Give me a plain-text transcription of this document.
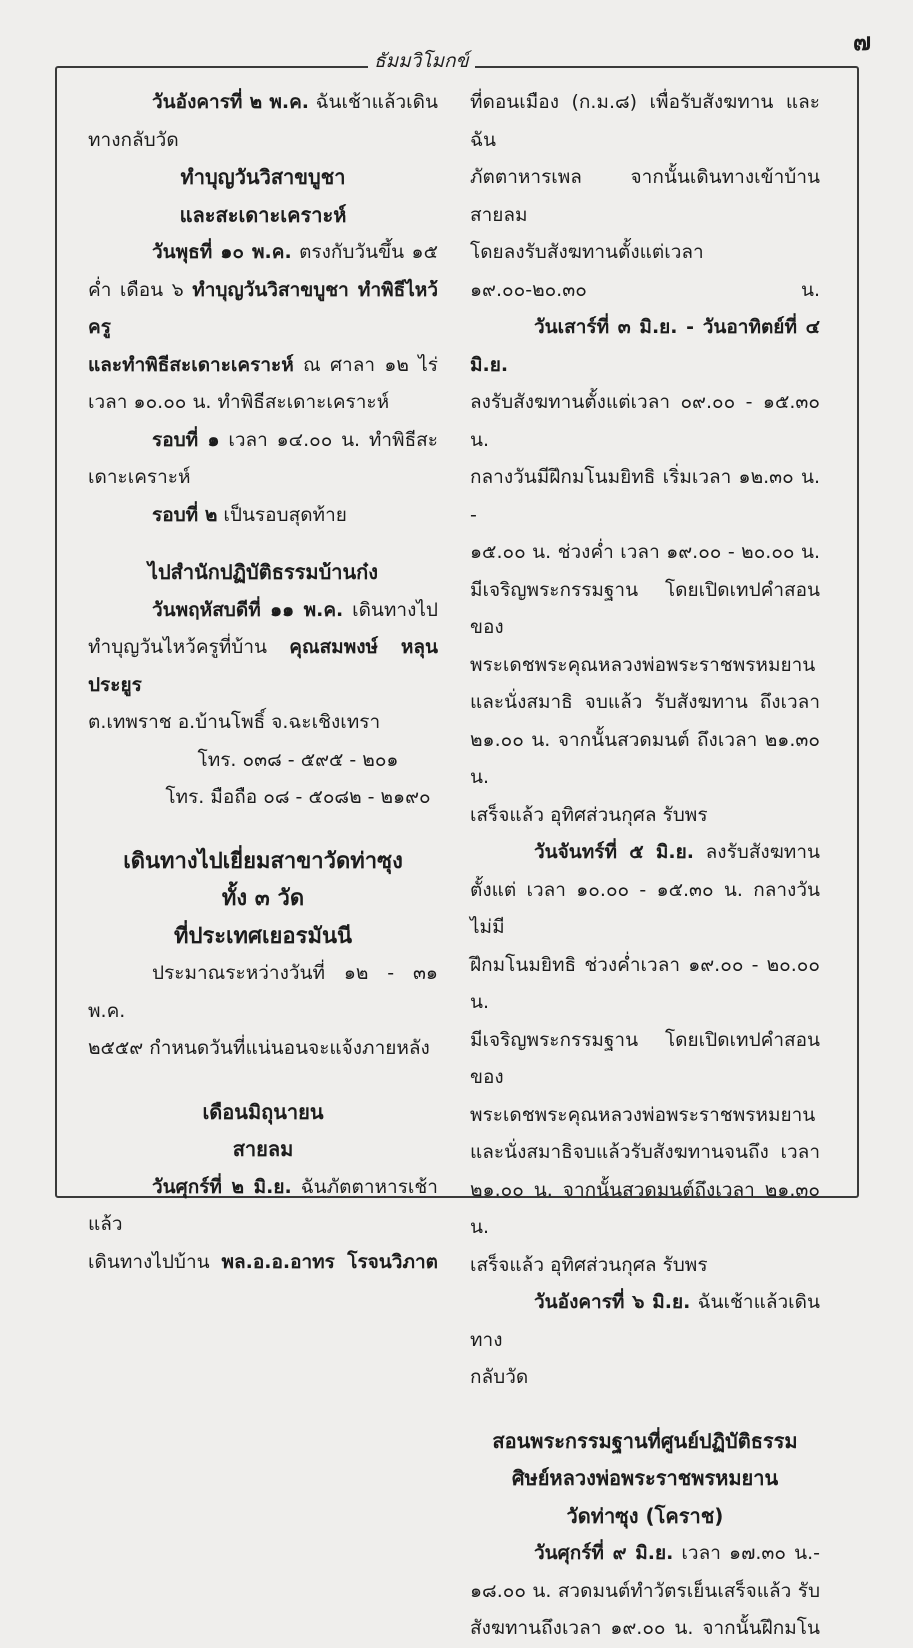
๗
ธัมมวิโมกข์

วันอังคารที่ ๒ พ.ค. ฉันเช้าแล้วเดิน

ทางกลับวัด

ทำบุญวันวิสาขบูชา

และสะเดาะเคราะห์

วันพุธที่ ๑๐ พ.ค. ตรงกับวันขึ้น ๑๕

ค่ำ เดือน ๖ ทำบุญวันวิสาขบูชา ทำพิธีไหว้ครู

และทำพิธีสะเดาะเคราะห์ ณ ศาลา ๑๒ ไร่

เวลา ๑๐.๐๐ น. ทำพิธีสะเดาะเคราะห์

รอบที่ ๑ เวลา ๑๔.๐๐ น. ทำพิธีสะ

เดาะเคราะห์

รอบที่ ๒ เป็นรอบสุดท้าย

ไปสำนักปฏิบัติธรรมบ้านก๋ง

วันพฤหัสบดีที่ ๑๑ พ.ค. เดินทางไป

ทำบุญวันไหว้ครูที่บ้าน คุณสมพงษ์ หลุนประยูร

ต.เทพราช อ.บ้านโพธิ์ จ.ฉะเชิงเทรา

โทร. ๐๓๘ - ๕๙๕ - ๒๐๑

โทร. มือถือ ๐๘ - ๕๐๘๒ - ๒๑๙๐

เดินทางไปเยี่ยมสาขาวัดท่าซุง

ทั้ง ๓ วัด

ที่ประเทศเยอรมันนี

ประมาณระหว่างวันที่ ๑๒ - ๓๑ พ.ค.

๒๕๕๙ กำหนดวันที่แน่นอนจะแจ้งภายหลัง

เดือนมิถุนายน

สายลม

วันศุกร์ที่ ๒ มิ.ย. ฉันภัตตาหารเช้าแล้ว

เดินทางไปบ้าน พล.อ.อ.อาทร โรจนวิภาต

ที่ดอนเมือง (ก.ม.๘) เพื่อรับสังฆทาน และฉัน

ภัตตาหารเพล จากนั้นเดินทางเข้าบ้านสายลม

โดยลงรับสังฆทานตั้งแต่เวลา ๑๙.๐๐-๒๐.๓๐ น.

วันเสาร์ที่ ๓ มิ.ย. - วันอาทิตย์ที่ ๔ มิ.ย.

ลงรับสังฆทานตั้งแต่เวลา ๐๙.๐๐ - ๑๕.๓๐ น.

กลางวันมีฝึกมโนมยิทธิ เริ่มเวลา ๑๒.๓๐ น. -

๑๕.๐๐ น. ช่วงค่ำ เวลา ๑๙.๐๐ - ๒๐.๐๐ น.

มีเจริญพระกรรมฐาน โดยเปิดเทปคำสอนของ

พระเดชพระคุณหลวงพ่อพระราชพรหมยาน

และนั่งสมาธิ จบแล้ว รับสังฆทาน ถึงเวลา

๒๑.๐๐ น. จากนั้นสวดมนต์ ถึงเวลา ๒๑.๓๐ น.

เสร็จแล้ว อุทิศส่วนกุศล รับพร

วันจันทร์ที่ ๕ มิ.ย. ลงรับสังฆทาน

ตั้งแต่ เวลา ๑๐.๐๐ - ๑๕.๓๐ น. กลางวันไม่มี

ฝึกมโนมยิทธิ ช่วงค่ำเวลา ๑๙.๐๐ - ๒๐.๐๐ น.

มีเจริญพระกรรมฐาน โดยเปิดเทปคำสอนของ

พระเดชพระคุณหลวงพ่อพระราชพรหมยาน

และนั่งสมาธิจบแล้วรับสังฆทานจนถึง เวลา

๒๑.๐๐ น. จากนั้นสวดมนต์ถึงเวลา ๒๑.๓๐ น.

เสร็จแล้ว อุทิศส่วนกุศล รับพร

วันอังคารที่ ๖ มิ.ย. ฉันเช้าแล้วเดินทาง

กลับวัด

สอนพระกรรมฐานที่ศูนย์ปฏิบัติธรรม

ศิษย์หลวงพ่อพระราชพรหมยาน

วัดท่าซุง (โคราช)

วันศุกร์ที่ ๙ มิ.ย. เวลา ๑๗.๓๐ น.-

๑๘.๐๐ น. สวดมนต์ทำวัตรเย็นเสร็จแล้ว รับ

สังฆทานถึงเวลา ๑๙.๐๐ น. จากนั้นฝึกมโน
